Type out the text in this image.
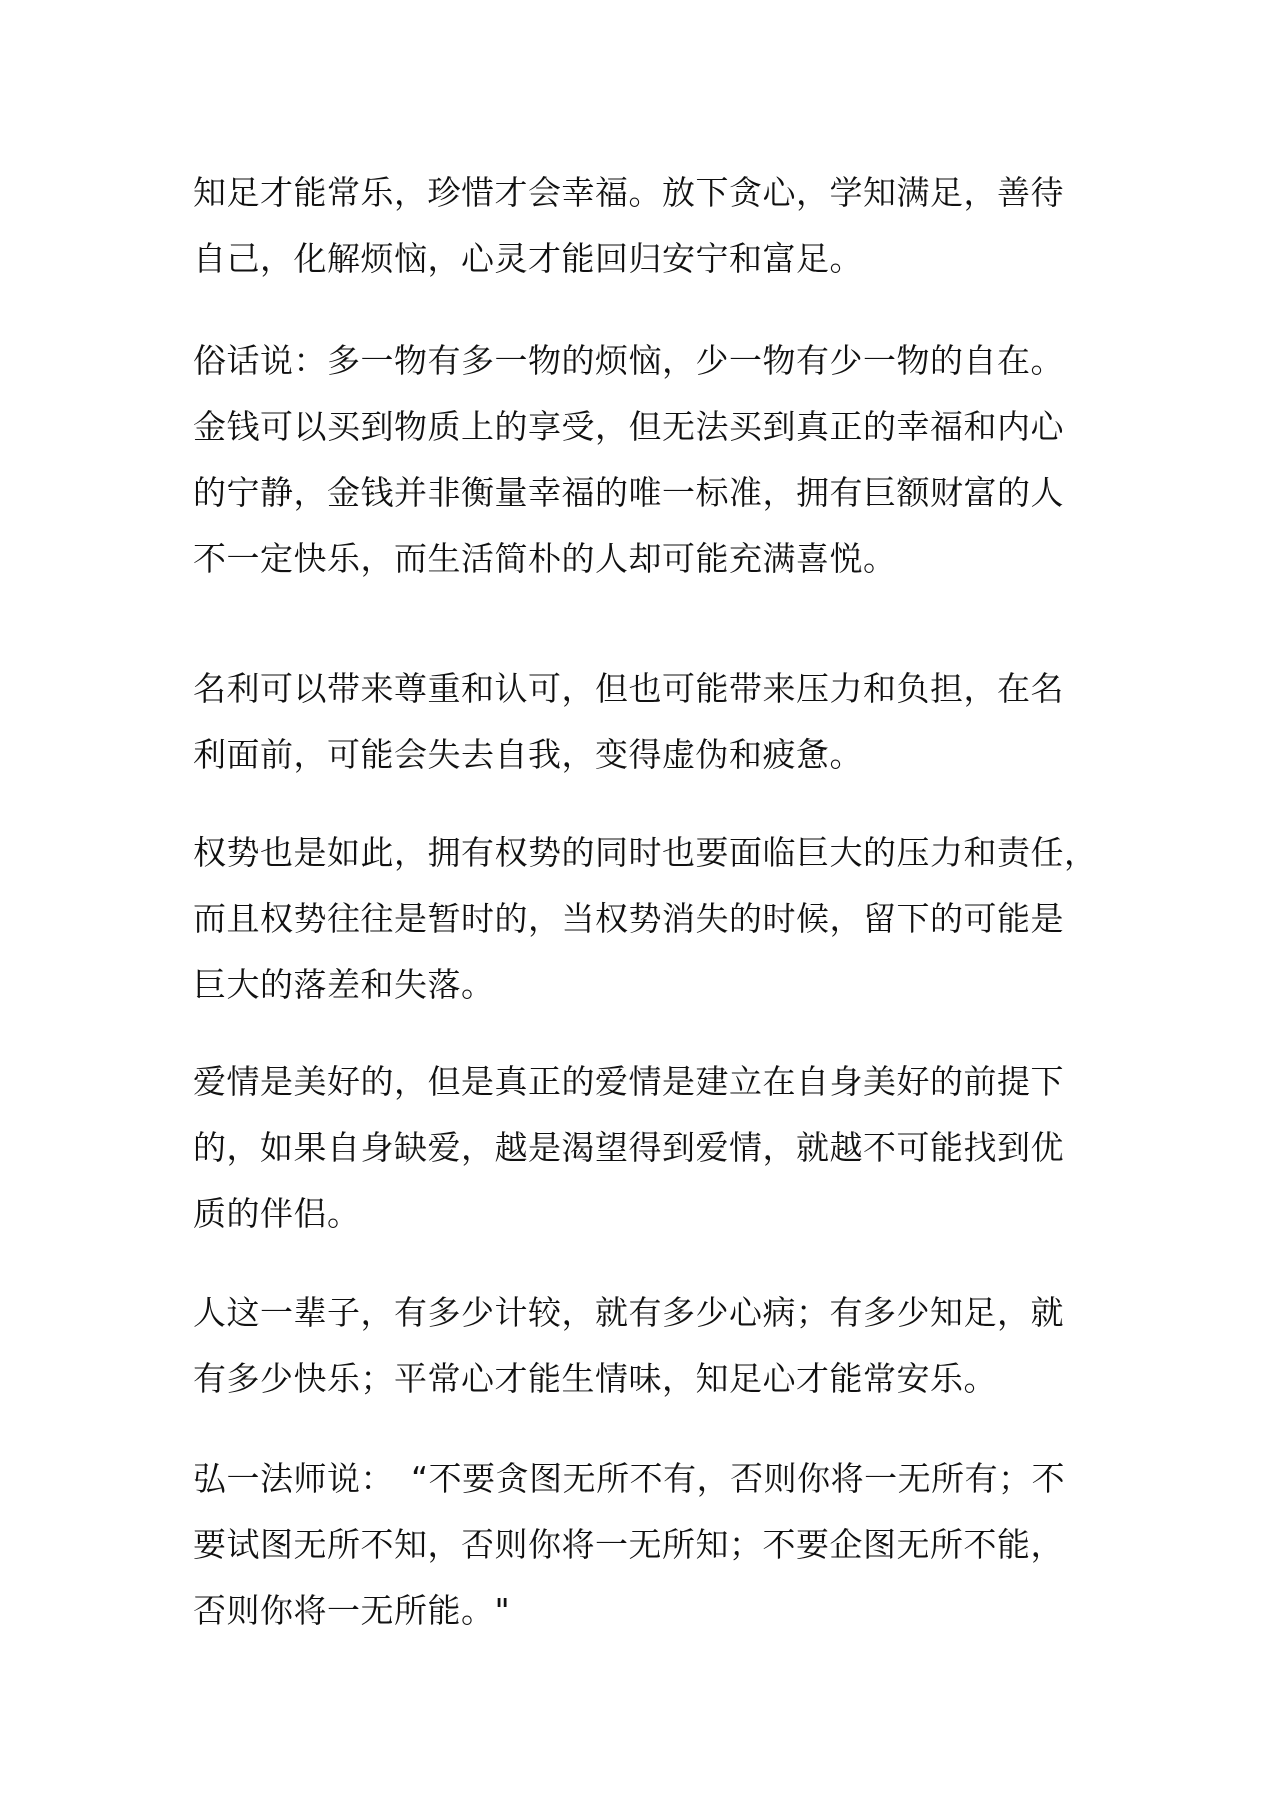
知足才能常乐，珍惜才会幸福。放下贪心，学知满足，善待
自己，化解烦恼，心灵才能回归安宁和富足。

俗话说：多一物有多一物的烦恼，少一物有少一物的自在。
金钱可以买到物质上的享受，但无法买到真正的幸福和内心
的宁静，金钱并非衡量幸福的唯一标准，拥有巨额财富的人
不一定快乐，而生活简朴的人却可能充满喜悦。

名利可以带来尊重和认可，但也可能带来压力和负担，在名
利面前，可能会失去自我，变得虚伪和疲惫。

权势也是如此，拥有权势的同时也要面临巨大的压力和责任，
而且权势往往是暂时的，当权势消失的时候，留下的可能是
巨大的落差和失落。

爱情是美好的，但是真正的爱情是建立在自身美好的前提下
的，如果自身缺爱，越是渴望得到爱情，就越不可能找到优
质的伴侣。

人这一辈子，有多少计较，就有多少心病；有多少知足，就
有多少快乐；平常心才能生情味，知足心才能常安乐。

弘一法师说：　“不要贪图无所不有，否则你将一无所有；不
要试图无所不知，否则你将一无所知；不要企图无所不能，
否则你将一无所能。"
